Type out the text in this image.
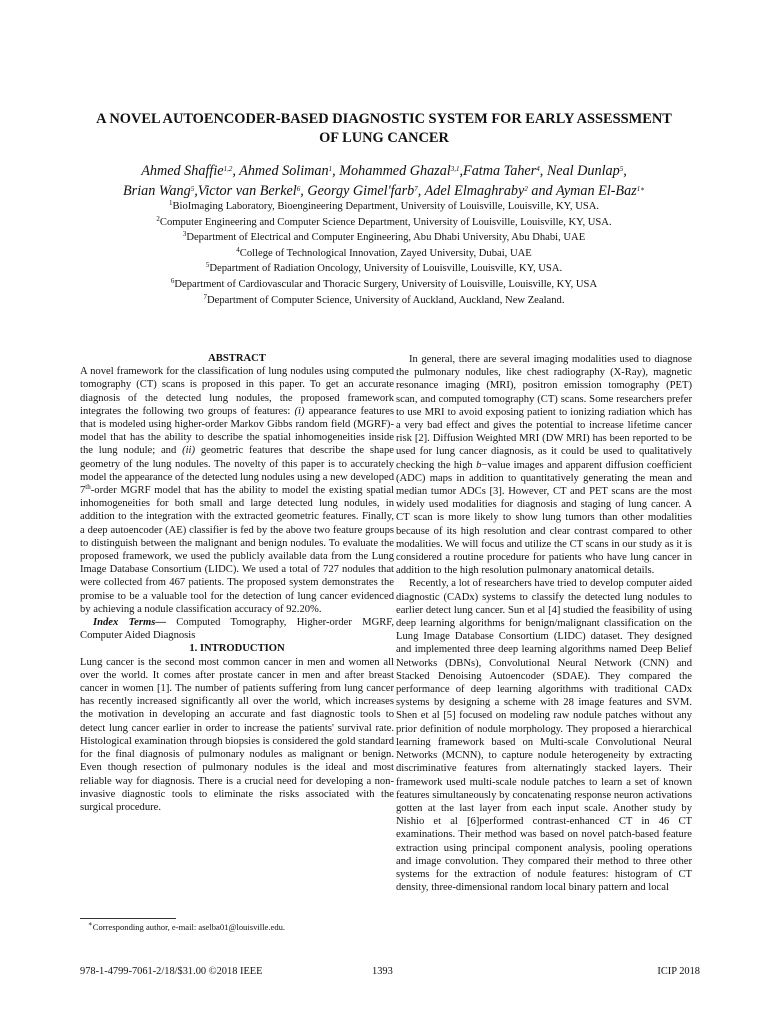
A NOVEL AUTOENCODER-BASED DIAGNOSTIC SYSTEM FOR EARLY ASSESSMENT
OF LUNG CANCER
Ahmed Shaffie$^{1,2}$, Ahmed Soliman$^1$, Mohammed Ghazal$^{3,1}$,Fatma Taher$^4$, Neal Dunlap$^5$,
Brian Wang$^5$,Victor van Berkel$^6$, Georgy Gimel'farb$^7$, Adel Elmaghraby$^2$ and Ayman El-Baz$^{1∗}$
$^1$BioImaging Laboratory, Bioengineering Department, University of Louisville, Louisville, KY, USA.
$^2$Computer Engineering and Computer Science Department, University of Louisville, Louisville, KY, USA.
$^3$Department of Electrical and Computer Engineering, Abu Dhabi University, Abu Dhabi, UAE
$^4$College of Technological Innovation, Zayed University, Dubai, UAE
$^5$Department of Radiation Oncology, University of Louisville, Louisville, KY, USA.
$^6$Department of Cardiovascular and Thoracic Surgery, University of Louisville, Louisville, KY, USA
$^7$Department of Computer Science, University of Auckland, Auckland, New Zealand.

ABSTRACT

A novel framework for the classification of lung nodules using computed tomography (CT) scans is proposed in this paper. To get an accurate diagnosis of the detected lung nodules, the proposed framework integrates the following two groups of features: (i) appearance features that is modeled using higher-order Markov Gibbs random field (MGRF)-model that has the ability to describe the spatial inhomogeneities inside the lung nodule; and (ii) geometric features that describe the shape geometry of the lung nodules. The novelty of this paper is to accurately model the appearance of the detected lung nodules using a new developed 7th-order MGRF model that has the ability to model the existing spatial inhomogeneities for both small and large detected lung nodules, in addition to the integration with the extracted geometric features. Finally, a deep autoencoder (AE) classifier is fed by the above two feature groups to distinguish between the malignant and benign nodules. To evaluate the proposed framework, we used the publicly available data from the Lung Image Database Consortium (LIDC). We used a total of 727 nodules that were collected from 467 patients. The proposed system demonstrates the promise to be a valuable tool for the detection of lung cancer evidenced by achieving a nodule classification accuracy of 92.20%.

Index Terms— Computed Tomography, Higher-order MGRF, Computer Aided Diagnosis

1. INTRODUCTION

Lung cancer is the second most common cancer in men and women all over the world. It comes after prostate cancer in men and after breast cancer in women [1]. The number of patients suffering from lung cancer has recently increased significantly all over the world, which increases the motivation in developing an accurate and fast diagnostic tools to detect lung cancer earlier in order to increase the patients' survival rate. Histological examination through biopsies is considered the gold standard for the final diagnosis of pulmonary nodules as malignant or benign. Even though resection of pulmonary nodules is the ideal and most reliable way for diagnosis. There is a crucial need for developing a non-invasive diagnostic tools to eliminate the risks associated with the surgical procedure.

In general, there are several imaging modalities used to diagnose the pulmonary nodules, like chest radiography (X-Ray), magnetic resonance imaging (MRI), positron emission tomography (PET) scan, and computed tomography (CT) scans. Some researchers prefer to use MRI to avoid exposing patient to ionizing radiation which has a very bad effect and gives the potential to increase lifetime cancer risk [2]. Diffusion Weighted MRI (DW MRI) has been reported to be used for lung cancer diagnosis, as it could be used to qualitatively checking the high b−value images and apparent diffusion coefficient (ADC) maps in addition to quantitatively generating the mean and median tumor ADCs [3]. However, CT and PET scans are the most widely used modalities for diagnosis and staging of lung cancer. A CT scan is more likely to show lung tumors than other modalities because of its high resolution and clear contrast compared to other modalities. We will focus and utilize the CT scans in our study as it is considered a routine procedure for patients who have lung cancer in addition to the high resolution pulmonary anatomical details.

Recently, a lot of researchers have tried to develop computer aided diagnostic (CADx) systems to classify the detected lung nodules to earlier detect lung cancer. Sun et al [4] studied the feasibility of using deep learning algorithms for benign/malignant classification on the Lung Image Database Consortium (LIDC) dataset. They designed and implemented three deep learning algorithms named Deep Belief Networks (DBNs), Convolutional Neural Network (CNN) and Stacked Denoising Autoencoder (SDAE). They compared the performance of deep learning algorithms with traditional CADx systems by designing a scheme with 28 image features and SVM. Shen et al [5] focused on modeling raw nodule patches without any prior definition of nodule morphology. They proposed a hierarchical learning framework based on Multi-scale Convolutional Neural Networks (MCNN), to capture nodule heterogeneity by extracting discriminative features from alternatingly stacked layers. Their framework used multi-scale nodule patches to learn a set of known features simultaneously by concatenating response neuron activations gotten at the last layer from each input scale. Another study by Nishio et al [6]performed contrast-enhanced CT in 46 CT examinations. Their method was based on novel patch-based feature extraction using principal component analysis, pooling operations and image convolution. They compared their method to three other systems for the extraction of nodule features: histogram of CT density, three-dimensional random local binary pattern and local

∗Corresponding author, e-mail: aselba01@louisville.edu.
978-1-4799-7061-2/18/$31.00 ©2018 IEEE	1393	ICIP 2018
